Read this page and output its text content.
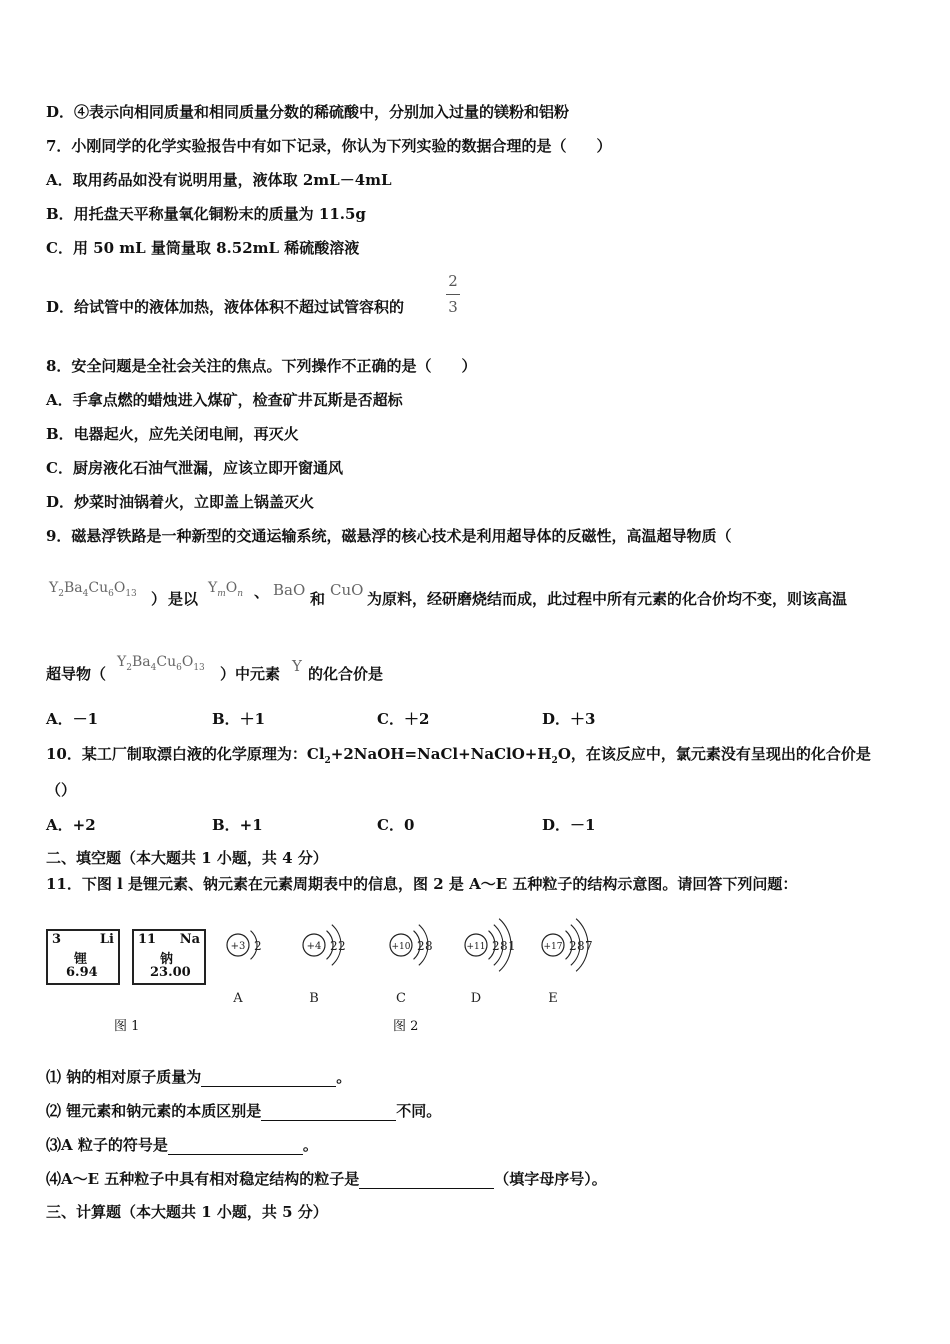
D．④表示向相同质量和相同质量分数的稀硫酸中，分别加入过量的镁粉和铝粉
7．小刚同学的化学实验报告中有如下记录，你认为下列实验的数据合理的是（　　）
A．取用药品如没有说明用量，液体取 2mL－4mL
B．用托盘天平称量氧化铜粉末的质量为 11.5g
C．用 50 mL 量筒量取 8.52mL 稀硫酸溶液
D．给试管中的液体加热，液体体积不超过试管容积的
2
3
8．安全问题是全社会关注的焦点。下列操作不正确的是（　　）
A．手拿点燃的蜡烛进入煤矿，检查矿井瓦斯是否超标
B．电器起火，应先关闭电闸，再灭火
C．厨房液化石油气泄漏，应该立即开窗通风
D．炒菜时油锅着火，立即盖上锅盖灭火
9．磁悬浮铁路是一种新型的交通运输系统，磁悬浮的核心技术是利用超导体的反磁性，高温超导物质（
$Y_2Ba_4Cu_6O_{13}$ ） 是以
$Y_mO_n$ 、 BaO 和 CuO 为原料，经研磨烧结而成，此过程中所有元素的化合价均不变，则该高温
超导物（
$Y_2Ba_4Cu_6O_{13}$ ）中元素 Y 的化合价是
A．－1	B．＋1	C．＋2	D．＋3
10．某工厂制取漂白液的化学原理为：$Cl_2+2NaOH=NaCl+NaClO+H_2O$，在该反应中，氯元素没有呈现出的化合价是
（）
A．+2	B．+1	C．0	D．－1
二、填空题（本大题共 1 小题，共 4 分）
11．下图 l 是锂元素、钠元素在元素周期表中的信息，图 2 是 A～E 五种粒子的结构示意图。请回答下列问题：
3	Li
锂
6.94
11 Na
钠
23.00
图 1
+3 2
A
+4 2 2
B
+10 2 8
C
+11 2 8 1
D
+17 2 8 7
E
图 2
⑴ 钠的相对原子质量为	。
⑵ 锂元素和钠元素的本质区别是	不同。
⑶A 粒子的符号是	。
⑷A～E 五种粒子中具有相对稳定结构的粒子是	（填字母序号）。
三、计算题（本大题共 1 小题，共 5 分）
